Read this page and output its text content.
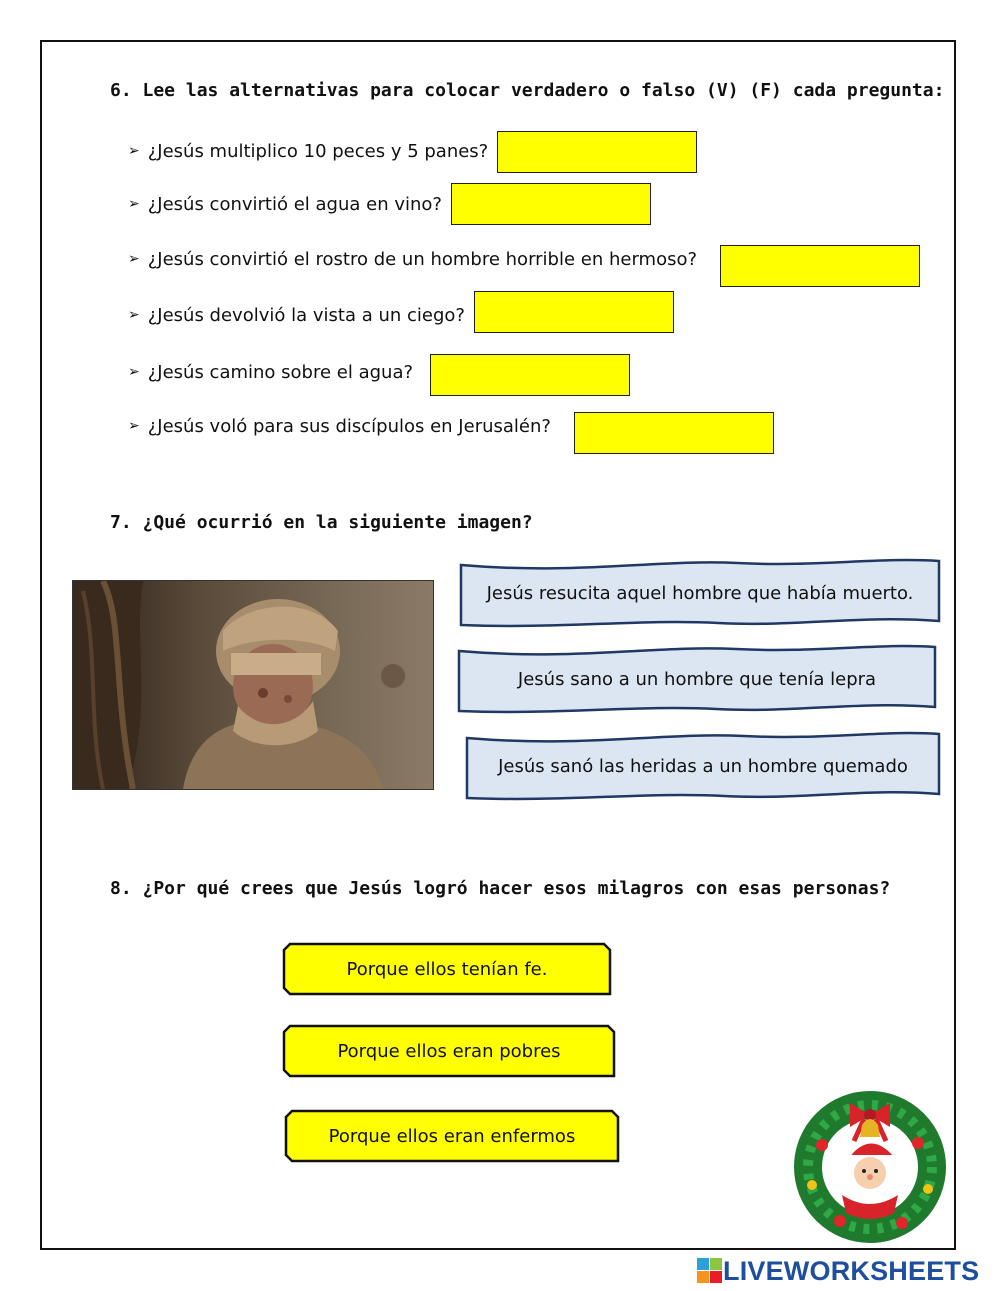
6. Lee las alternativas para colocar verdadero o falso (V) (F) cada pregunta:
➢ ¿Jesús multiplico 10 peces y 5 panes?
➢ ¿Jesús convirtió el agua en vino?
➢ ¿Jesús convirtió el rostro de un hombre horrible en hermoso?
➢ ¿Jesús devolvió la vista a un ciego?
➢ ¿Jesús camino sobre el agua?
➢ ¿Jesús voló para sus discípulos en Jerusalén?
7. ¿Qué ocurrió en la siguiente imagen?
Jesús resucita aquel hombre que había muerto.
Jesús sano a un hombre que tenía lepra
Jesús sanó las heridas a un hombre quemado
8. ¿Por qué crees que Jesús logró hacer esos milagros con esas personas?
Porque ellos tenían fe.
Porque ellos eran pobres
Porque ellos eran enfermos
LIVEWORKSHEETS
